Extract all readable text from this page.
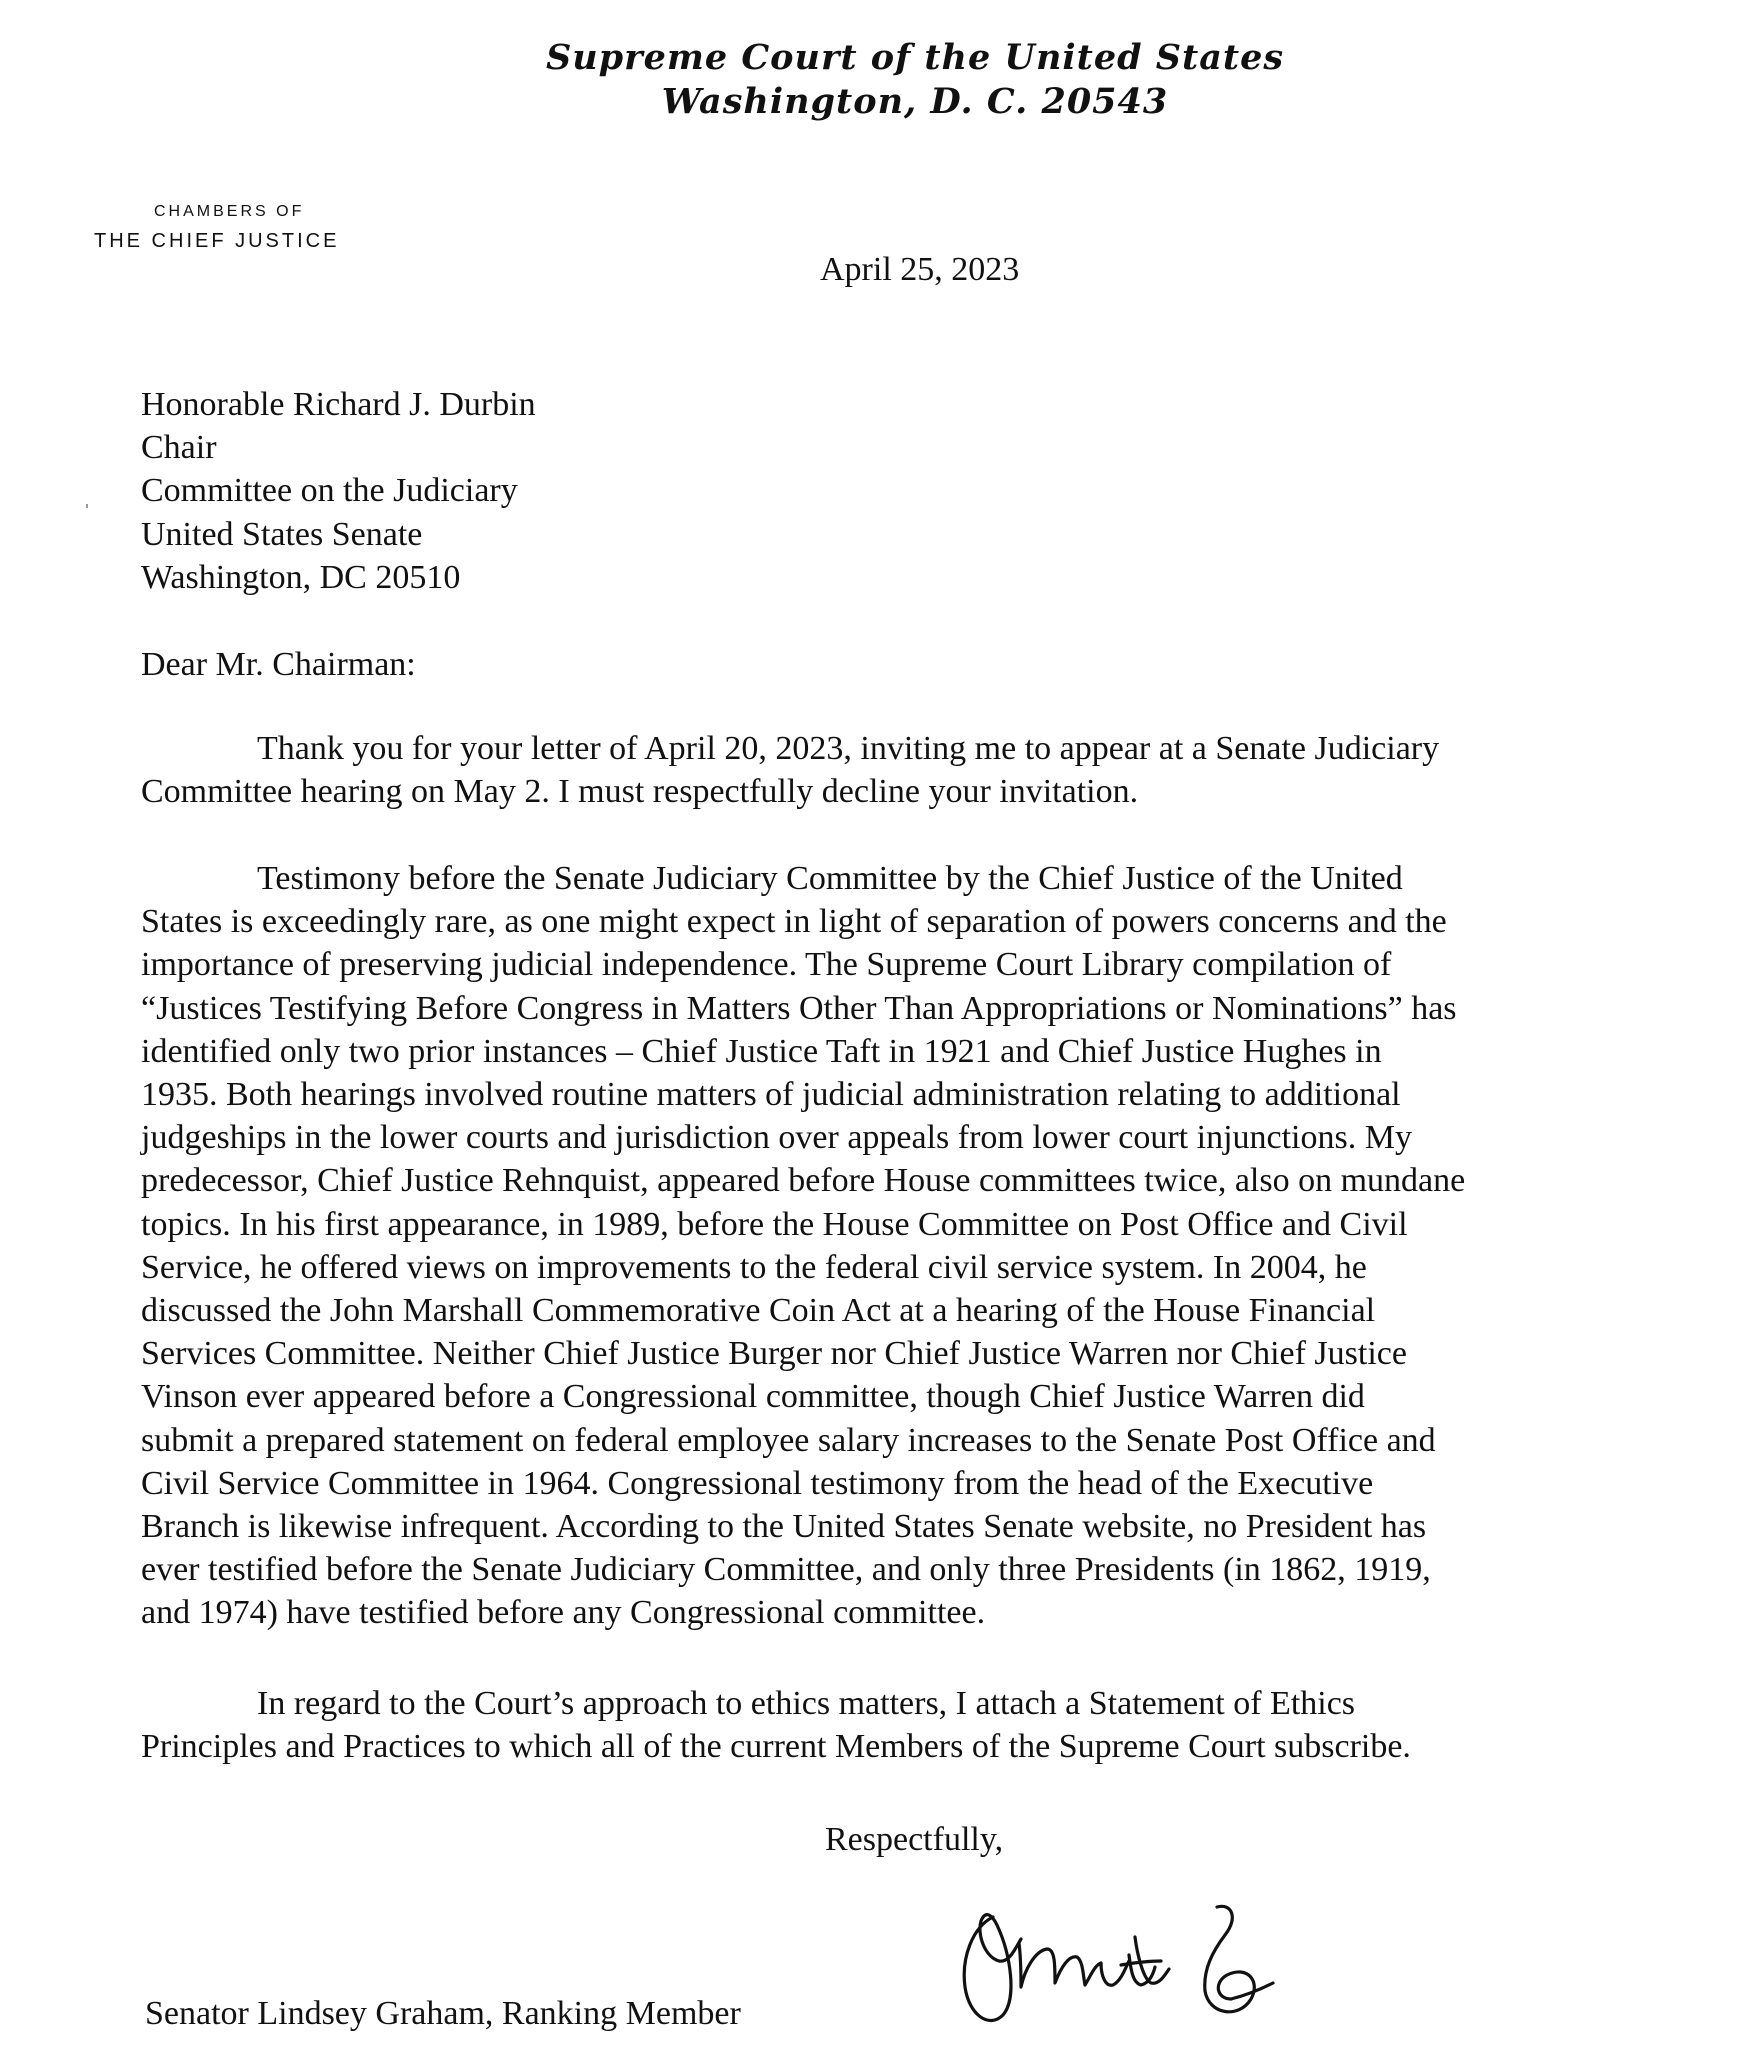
Supreme Court of the United States
Washington, D. C. 20543
CHAMBERS OF
THE CHIEF JUSTICE
April 25, 2023
Honorable Richard J. Durbin
Chair
Committee on the Judiciary
United States Senate
Washington, DC 20510
Dear Mr. Chairman:
Thank you for your letter of April 20, 2023, inviting me to appear at a Senate Judiciary
Committee hearing on May 2. I must respectfully decline your invitation.
Testimony before the Senate Judiciary Committee by the Chief Justice of the United
States is exceedingly rare, as one might expect in light of separation of powers concerns and the
importance of preserving judicial independence. The Supreme Court Library compilation of
“Justices Testifying Before Congress in Matters Other Than Appropriations or Nominations” has
identified only two prior instances – Chief Justice Taft in 1921 and Chief Justice Hughes in
1935. Both hearings involved routine matters of judicial administration relating to additional
judgeships in the lower courts and jurisdiction over appeals from lower court injunctions. My
predecessor, Chief Justice Rehnquist, appeared before House committees twice, also on mundane
topics. In his first appearance, in 1989, before the House Committee on Post Office and Civil
Service, he offered views on improvements to the federal civil service system. In 2004, he
discussed the John Marshall Commemorative Coin Act at a hearing of the House Financial
Services Committee. Neither Chief Justice Burger nor Chief Justice Warren nor Chief Justice
Vinson ever appeared before a Congressional committee, though Chief Justice Warren did
submit a prepared statement on federal employee salary increases to the Senate Post Office and
Civil Service Committee in 1964. Congressional testimony from the head of the Executive
Branch is likewise infrequent. According to the United States Senate website, no President has
ever testified before the Senate Judiciary Committee, and only three Presidents (in 1862, 1919,
and 1974) have testified before any Congressional committee.
In regard to the Court’s approach to ethics matters, I attach a Statement of Ethics
Principles and Practices to which all of the current Members of the Supreme Court subscribe.
Respectfully,
Senator Lindsey Graham, Ranking Member
